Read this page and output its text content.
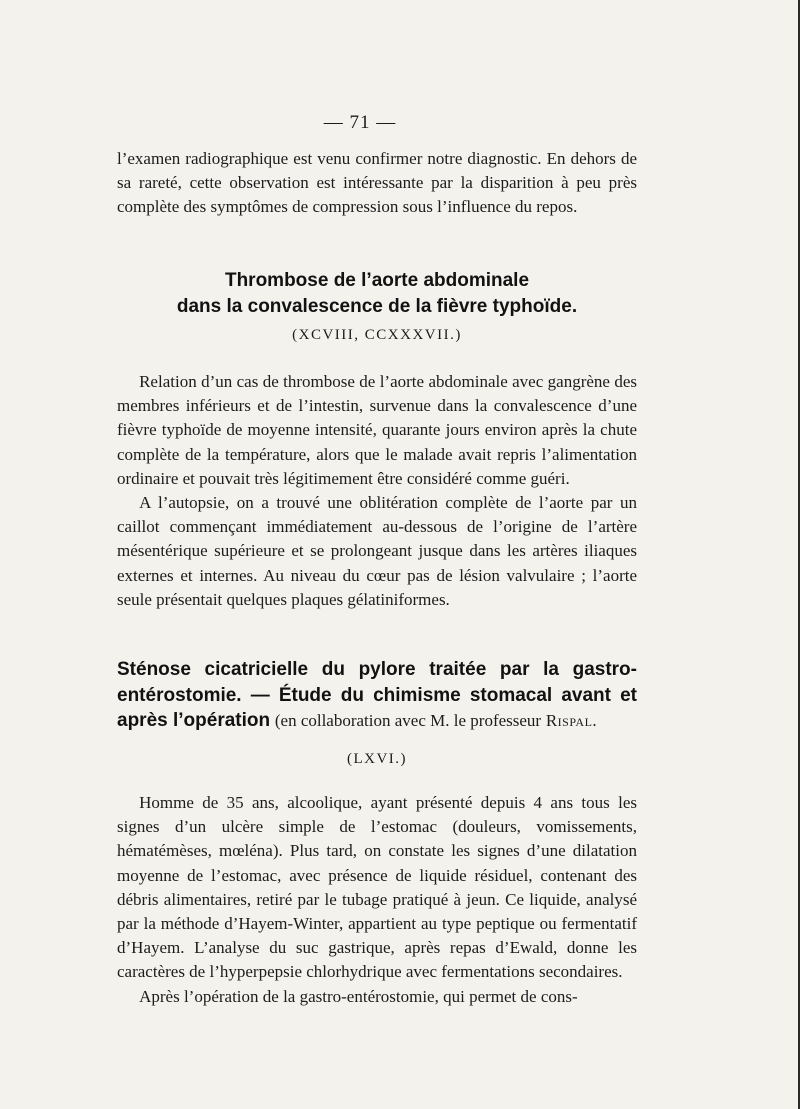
— 71 —

l’examen radiographique est venu confirmer notre diagnostic. En dehors de sa rareté, cette observation est intéressante par la disparition à peu près complète des symptômes de compression sous l’influence du repos.

Thrombose de l’aorte abdominale
dans la convalescence de la fièvre typhoïde.
(XCVIII, CCXXXVII.)

Relation d’un cas de thrombose de l’aorte abdominale avec gangrène des membres inférieurs et de l’intestin, survenue dans la convalescence d’une fièvre typhoïde de moyenne intensité, quarante jours environ après la chute complète de la température, alors que le malade avait repris l’alimentation ordinaire et pouvait très légitimement être considéré comme guéri.

A l’autopsie, on a trouvé une oblitération complète de l’aorte par un caillot commençant immédiatement au-dessous de l’origine de l’artère mésentérique supérieure et se prolongeant jusque dans les artères iliaques externes et internes. Au niveau du cœur pas de lésion valvulaire ; l’aorte seule présentait quelques plaques gélatiniformes.

Sténose cicatricielle du pylore traitée par la gastro-entérostomie. — Étude du chimisme stomacal avant et après l’opération (en collaboration avec M. le professeur Rispal.
(LXVI.)

Homme de 35 ans, alcoolique, ayant présenté depuis 4 ans tous les signes d’un ulcère simple de l’estomac (douleurs, vomissements, hématémèses, mœléna). Plus tard, on constate les signes d’une dilatation moyenne de l’estomac, avec présence de liquide résiduel, contenant des débris alimentaires, retiré par le tubage pratiqué à jeun. Ce liquide, analysé par la méthode d’Hayem-Winter, appartient au type peptique ou fermentatif d’Hayem. L’analyse du suc gastrique, après repas d’Ewald, donne les caractères de l’hyperpepsie chlorhydrique avec fermentations secondaires.

Après l’opération de la gastro-entérostomie, qui permet de cons-
